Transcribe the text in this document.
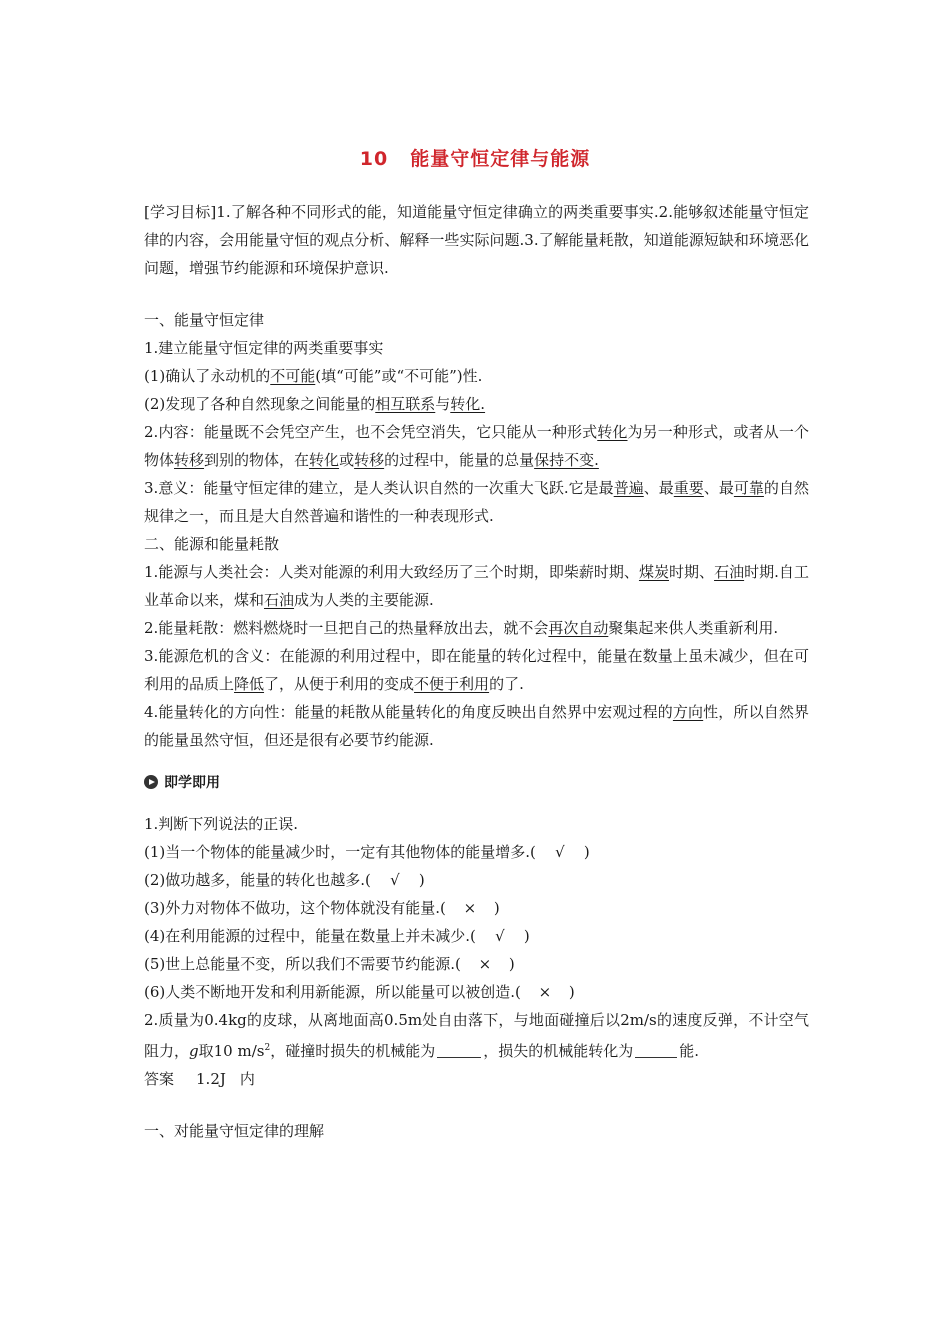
10 能量守恒定律与能源

[学习目标]1.了解各种不同形式的能，知道能量守恒定律确立的两类重要事实.2.能够叙述能量守恒定律的内容，会用能量守恒的观点分析、解释一些实际问题.3.了解能量耗散，知道能源短缺和环境恶化问题，增强节约能源和环境保护意识.

一、能量守恒定律
1.建立能量守恒定律的两类重要事实
(1)确认了永动机的不可能(填“可能”或“不可能”)性.
(2)发现了各种自然现象之间能量的相互联系与转化.

2.内容：能量既不会凭空产生，也不会凭空消失，它只能从一种形式转化为另一种形式，或者从一个物体转移到别的物体，在转化或转移的过程中，能量的总量保持不变.

3.意义：能量守恒定律的建立，是人类认识自然的一次重大飞跃.它是最普遍、最重要、最可靠的自然规律之一，而且是大自然普遍和谐性的一种表现形式.

二、能源和能量耗散

1.能源与人类社会：人类对能源的利用大致经历了三个时期，即柴薪时期、煤炭时期、石油时期.自工业革命以来，煤和石油成为人类的主要能源.

2.能量耗散：燃料燃烧时一旦把自己的热量释放出去，就不会再次自动聚集起来供人类重新利用.

3.能源危机的含义：在能源的利用过程中，即在能量的转化过程中，能量在数量上虽未减少，但在可利用的品质上降低了，从便于利用的变成不便于利用的了.

4.能量转化的方向性：能量的耗散从能量转化的角度反映出自然界中宏观过程的方向性，所以自然界的能量虽然守恒，但还是很有必要节约能源.

即学即用
1.判断下列说法的正误.
(1)当一个物体的能量减少时，一定有其他物体的能量增多.( √ )
(2)做功越多，能量的转化也越多.( √ )
(3)外力对物体不做功，这个物体就没有能量.( × )
(4)在利用能源的过程中，能量在数量上并未减少.( √ )
(5)世上总能量不变，所以我们不需要节约能源.( × )
(6)人类不断地开发和利用新能源，所以能量可以被创造.( × )

2.质量为0.4kg的皮球，从离地面高0.5m处自由落下，与地面碰撞后以2m/s的速度反弹，不计空气阻力，g取10 $m/s^2$，碰撞时损失的机械能为	，损失的机械能转化为	能.

答案 1.2J 内
一、对能量守恒定律的理解
